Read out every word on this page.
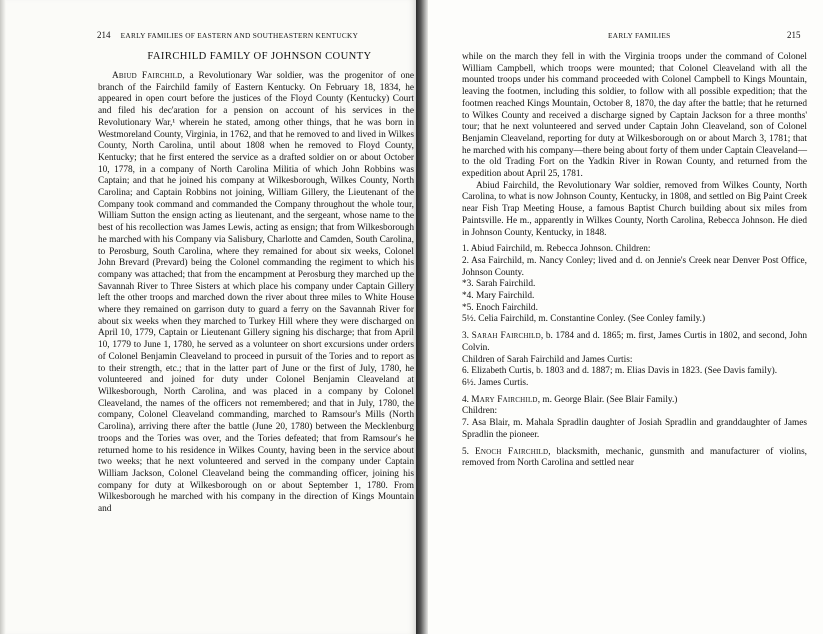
214 EARLY FAMILIES OF EASTERN AND SOUTHEASTERN KENTUCKY
FAIRCHILD FAMILY OF JOHNSON COUNTY

Abiud Fairchild, a Revolutionary War soldier, was the progenitor of one branch of the Fairchild family of Eastern Kentucky. On February 18, 1834, he appeared in open court before the justices of the Floyd County (Kentucky) Court and filed his dec'aration for a pension on account of his services in the Revolutionary War,¹ wherein he stated, among other things, that he was born in Westmoreland County, Virginia, in 1762, and that he removed to and lived in Wilkes County, North Carolina, until about 1808 when he removed to Floyd County, Kentucky; that he first entered the service as a drafted soldier on or about October 10, 1778, in a company of North Carolina Militia of which John Robbins was Captain; and that he joined his company at Wilkesborough, Wilkes County, North Carolina; and Captain Robbins not joining, William Gillery, the Lieutenant of the Company took command and commanded the Company throughout the whole tour, William Sutton the ensign acting as lieutenant, and the sergeant, whose name to the best of his recollection was James Lewis, acting as ensign; that from Wilkesborough he marched with his Company via Salisbury, Charlotte and Camden, South Carolina, to Perosburg, South Carolina, where they remained for about six weeks, Colonel John Brevard (Prevard) being the Colonel commanding the regiment to which his company was attached; that from the encampment at Perosburg they marched up the Savannah River to Three Sisters at which place his company under Captain Gillery left the other troops and marched down the river about three miles to White House where they remained on garrison duty to guard a ferry on the Savannah River for about six weeks when they marched to Turkey Hill where they were discharged on April 10, 1779, Captain or Lieutenant Gillery signing his discharge; that from April 10, 1779 to June 1, 1780, he served as a volunteer on short excursions under orders of Colonel Benjamin Cleaveland to proceed in pursuit of the Tories and to report as to their strength, etc.; that in the latter part of June or the first of July, 1780, he volunteered and joined for duty under Colonel Benjamin Cleaveland at Wilkesborough, North Carolina, and was placed in a company by Colonel Cleaveland, the names of the officers not remembered; and that in July, 1780, the company, Colonel Cleaveland commanding, marched to Ramsour's Mills (North Carolina), arriving there after the battle (June 20, 1780) between the Mecklenburg troops and the Tories was over, and the Tories defeated; that from Ramsour's he returned home to his residence in Wilkes County, having been in the service about two weeks; that he next volunteered and served in the company under Captain William Jackson, Colonel Cleaveland being the commanding officer, joining his company for duty at Wilkesborough on or about September 1, 1780. From Wilkesborough he marched with his company in the direction of Kings Mountain and

EARLY FAMILIES	215

while on the march they fell in with the Virginia troops under the command of Colonel William Campbell, which troops were mounted; that Colonel Cleaveland with all the mounted troops under his command proceeded with Colonel Campbell to Kings Mountain, leaving the footmen, including this soldier, to follow with all possible expedition; that the footmen reached Kings Mountain, October 8, 1870, the day after the battle; that he returned to Wilkes County and received a discharge signed by Captain Jackson for a three months' tour; that he next volunteered and served under Captain John Cleaveland, son of Colonel Benjamin Cleaveland, reporting for duty at Wilkesborough on or about March 3, 1781; that he marched with his company—there being about forty of them under Captain Cleaveland—to the old Trading Fort on the Yadkin River in Rowan County, and returned from the expedition about April 25, 1781.

Abiud Fairchild, the Revolutionary War soldier, removed from Wilkes County, North Carolina, to what is now Johnson County, Kentucky, in 1808, and settled on Big Paint Creek near Fish Trap Meeting House, a famous Baptist Church building about six miles from Paintsville. He m., apparently in Wilkes County, North Carolina, Rebecca Johnson. He died in Johnson County, Kentucky, in 1848.

1. Abiud Fairchild, m. Rebecca Johnson. Children:

2. Asa Fairchild, m. Nancy Conley; lived and d. on Jennie's Creek near Denver Post Office, Johnson County.

*3. Sarah Fairchild.

*4. Mary Fairchild.

*5. Enoch Fairchild.

5½. Celia Fairchild, m. Constantine Conley. (See Conley family.)

3. Sarah Fairchild, b. 1784 and d. 1865; m. first, James Curtis in 1802, and second, John Colvin.

Children of Sarah Fairchild and James Curtis:

6. Elizabeth Curtis, b. 1803 and d. 1887; m. Elias Davis in 1823. (See Davis family).

6½. James Curtis.

4. Mary Fairchild, m. George Blair. (See Blair Family.)

Children:

7. Asa Blair, m. Mahala Spradlin daughter of Josiah Spradlin and granddaughter of James Spradlin the pioneer.

5. Enoch Fairchild, blacksmith, mechanic, gunsmith and manufacturer of violins, removed from North Carolina and settled near
